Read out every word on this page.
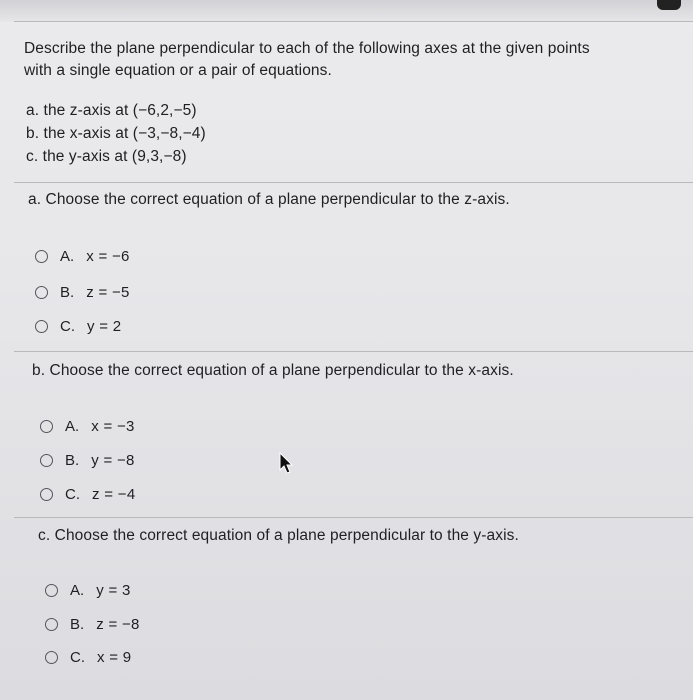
Describe the plane perpendicular to each of the following axes at the given points
with a single equation or a pair of equations.
a. the z-axis at (−6,2,−5)
b. the x-axis at (−3,−8,−4)
c. the y-axis at (9,3,−8)
a. Choose the correct equation of a plane perpendicular to the z-axis.
A. x = −6
B. z = −5
C. y = 2
b. Choose the correct equation of a plane perpendicular to the x-axis.
A. x = −3
B. y = −8
C. z = −4
c. Choose the correct equation of a plane perpendicular to the y-axis.
A. y = 3
B. z = −8
C. x = 9
